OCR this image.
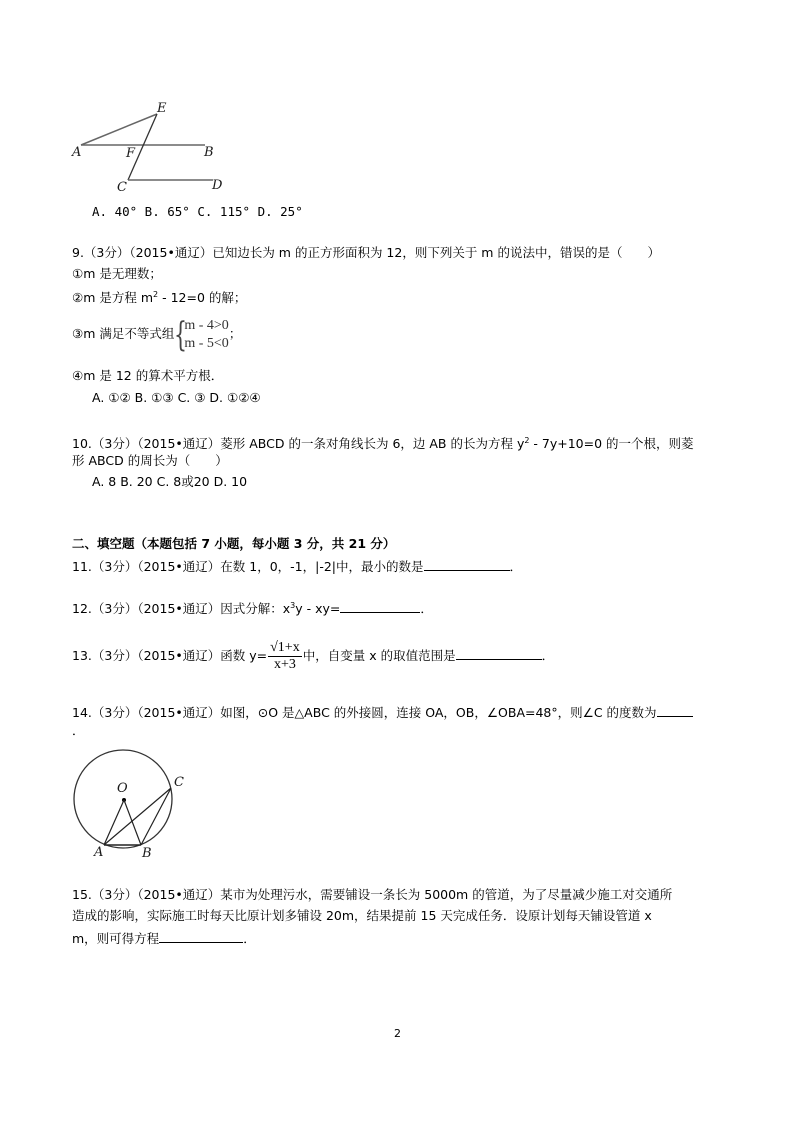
E
A	F	B
C	D
A. 40° B. 65° C. 115° D. 25°
9.（3分）（2015•通辽）已知边长为 m 的正方形面积为 12，则下列关于 m 的说法中，错误的是（　　）
①m 是无理数；
②m 是方程 $m^2 - 12=0$ 的解；
③m 满足不等式组 {
m - 4>0
m - 5<0
；
④m 是 12 的算术平方根．
A. ①② B. ①③ C. ③ D. ①②④
10.（3分）（2015•通辽）菱形 ABCD 的一条对角线长为 6，边 AB 的长为方程 $y^2 - 7y+10=0$ 的一个根，则菱
形 ABCD 的周长为（　　）
A. 8 B. 20 C. 8或20 D. 10
二、填空题（本题包括 7 小题，每小题 3 分，共 21 分）
11.（3分）（2015•通辽）在数 1，0，-1，|-2|中，最小的数是	．
12.（3分）（2015•通辽）因式分解：$x^3y - xy=$	．
13.（3分）（2015•通辽）函数 $y= \frac{√1+x}{x+3}$ 中，自变量 x 的取值范围是	．
14.（3分）（2015•通辽）如图，⊙O 是△ABC 的外接圆，连接 OA，OB，∠OBA=48°，则∠C 的度数为
．
O	C
A	B
15.（3分）（2015•通辽）某市为处理污水，需要铺设一条长为 5000m 的管道，为了尽量减少施工对交通所
造成的影响，实际施工时每天比原计划多铺设 20m，结果提前 15 天完成任务．设原计划每天铺设管道 x
m，则可得方程	．
2
